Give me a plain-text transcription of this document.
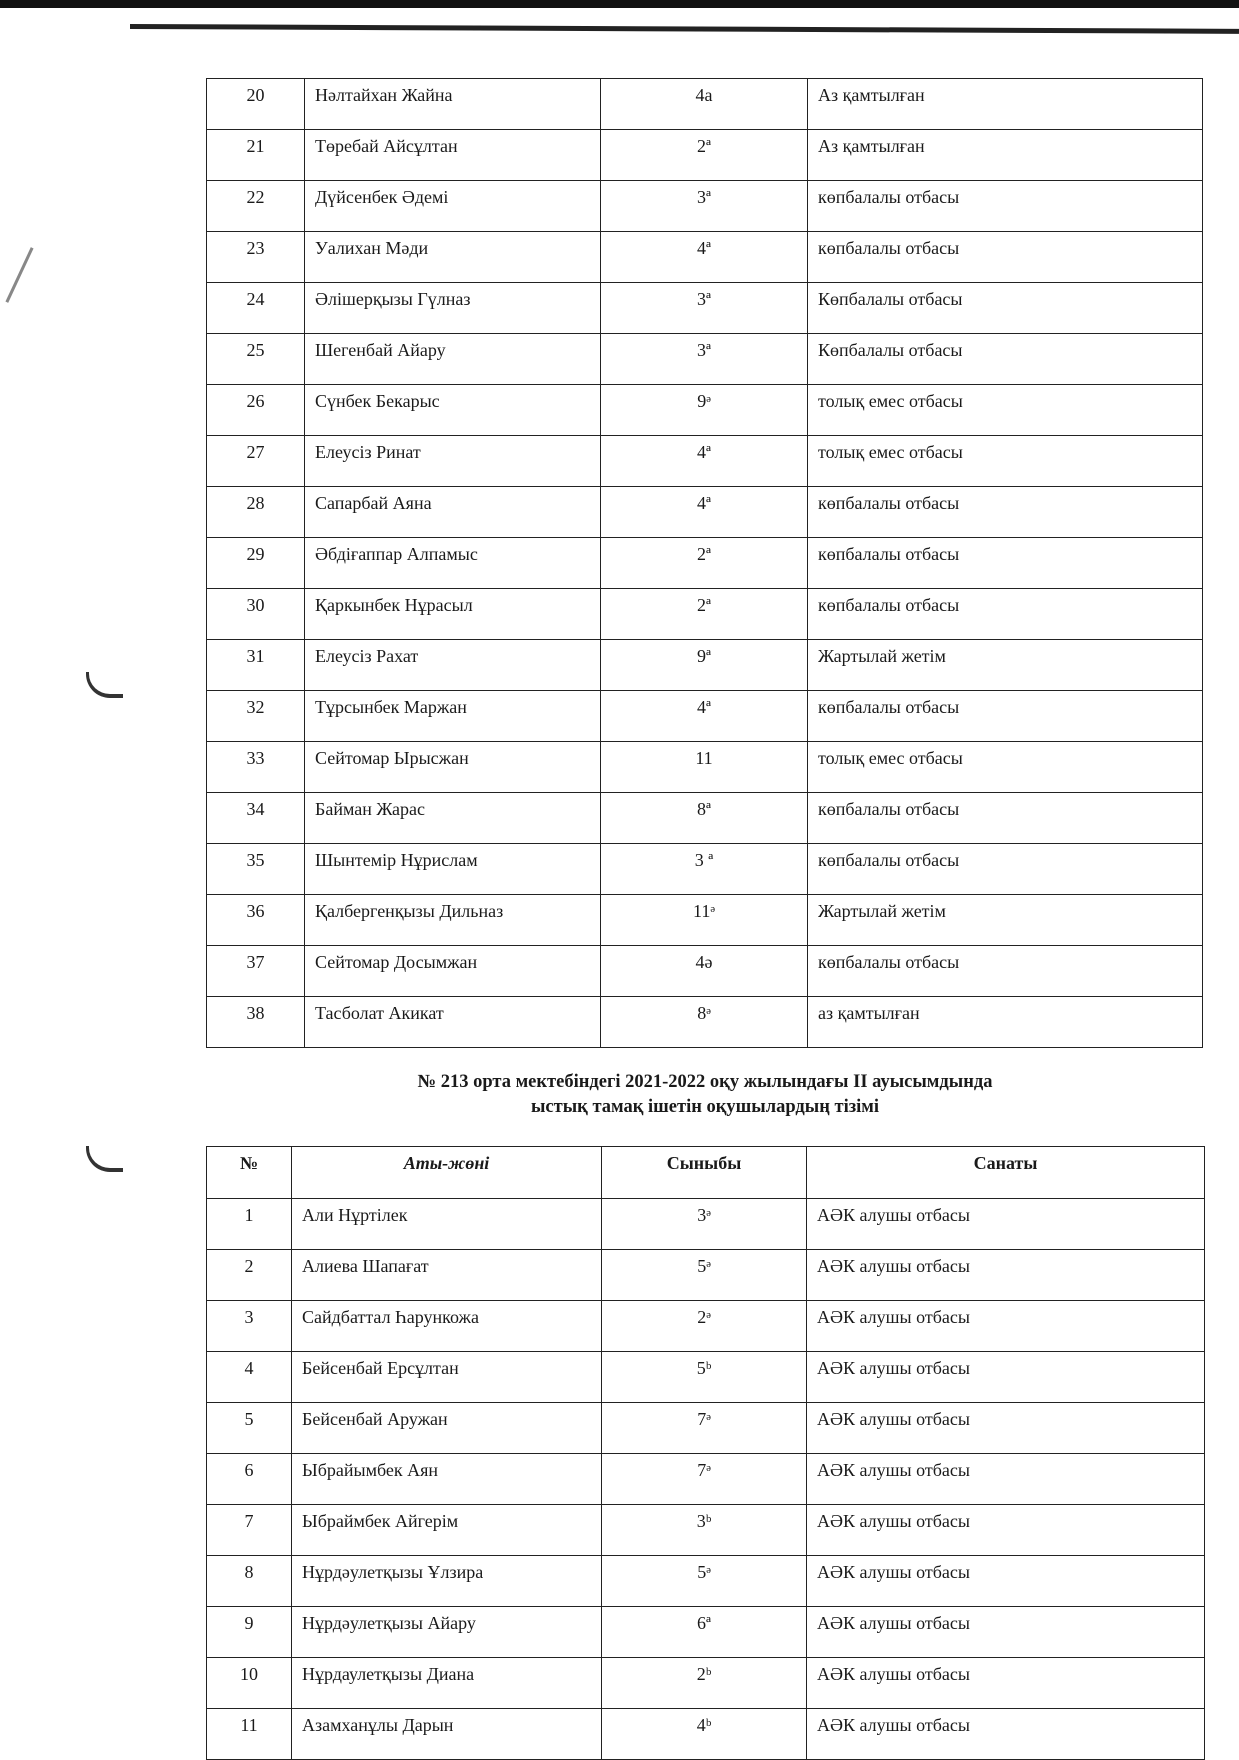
20	Нәлтайхан Жайна	4а	Аз қамтылған
21	Төребай Айсұлтан	2ª	Аз қамтылған
22	Дүйсенбек Әдемі	3ª	көпбалалы отбасы
23	Уалихан Мәди	4ª	көпбалалы отбасы
24	Әлішерқызы Гүлназ	3ª	Көпбалалы отбасы
25	Шегенбай Айару	3ª	Көпбалалы отбасы
26	Сүнбек Бекарыс	9ᵊ	толық емес отбасы
27	Елеусіз Ринат	4ª	толық емес отбасы
28	Сапарбай Аяна	4ª	көпбалалы отбасы
29	Әбдіғаппар Алпамыс	2ª	көпбалалы отбасы
30	Қаркынбек Нұрасыл	2ª	көпбалалы отбасы
31	Елеусіз Рахат	9ª	Жартылай жетім
32	Тұрсынбек Маржан	4ª	көпбалалы отбасы
33	Сейтомар Ырысжан	11	толық емес отбасы
34	Байман Жарас	8ª	көпбалалы отбасы
35	Шынтемір Нұрислам	3 ª	көпбалалы отбасы
36	Қалбергенқызы Дильназ	11ᵊ	Жартылай жетім
37	Сейтомар Досымжан	4ә	көпбалалы отбасы
38	Тасболат Акикат	8ᵊ	аз қамтылған
№ 213 орта мектебіндегі 2021-2022 оқу жылындағы II ауысымдында
ыстық тамақ ішетін оқушылардың тізімі
№	Аты-жөні	Сыныбы	Санаты
1	Али Нұртілек	3ᵊ	АӘК алушы отбасы
2	Алиева Шапағат	5ᵊ	АӘК алушы отбасы
3	Сайдбаттал Һарункожа	2ᵊ	АӘК алушы отбасы
4	Бейсенбай Ерсұлтан	5ᵇ	АӘК алушы отбасы
5	Бейсенбай Аружан	7ᵊ	АӘК алушы отбасы
6	Ыбрайымбек Аян	7ᵊ	АӘК алушы отбасы
7	Ыбраймбек Айгерім	3ᵇ	АӘК алушы отбасы
8	Нұрдәулетқызы Ұлзира	5ᵊ	АӘК алушы отбасы
9	Нұрдәулетқызы Айару	6ª	АӘК алушы отбасы
10	Нұрдаулетқызы Диана	2ᵇ	АӘК алушы отбасы
11	Азамханұлы Дарын	4ᵇ	АӘК алушы отбасы
